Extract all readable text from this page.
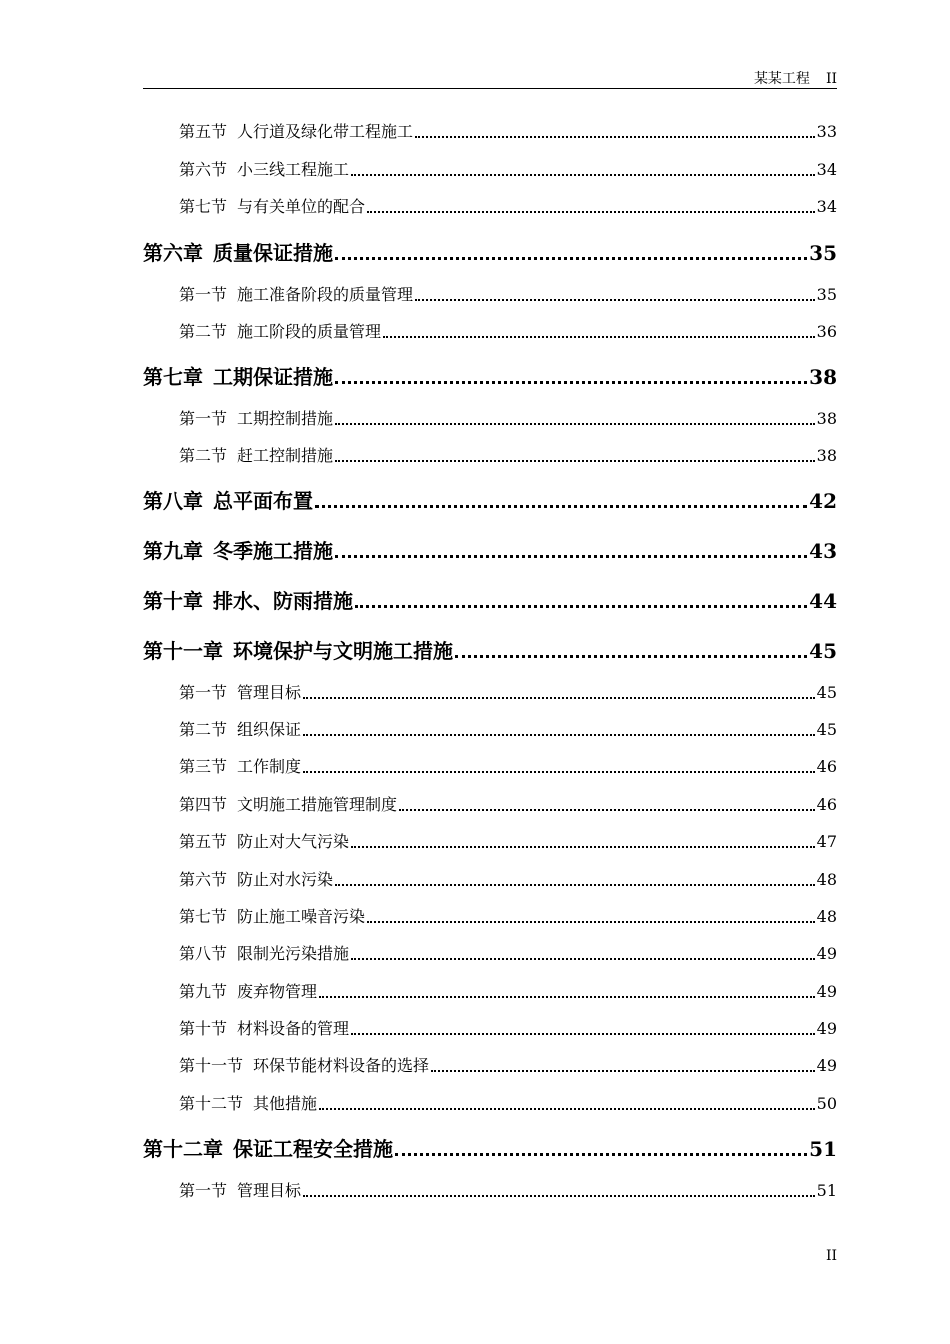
某某工程 II
第五节 人行道及绿化带工程施工	33
第六节 小三线工程施工	34
第七节 与有关单位的配合	34
第六章 质量保证措施	35
第一节 施工准备阶段的质量管理	35
第二节 施工阶段的质量管理	36
第七章 工期保证措施	38
第一节 工期控制措施	38
第二节 赶工控制措施	38
第八章 总平面布置	42
第九章 冬季施工措施	43
第十章 排水、防雨措施	44
第十一章 环境保护与文明施工措施	45
第一节 管理目标	45
第二节 组织保证	45
第三节 工作制度	46
第四节 文明施工措施管理制度	46
第五节 防止对大气污染	47
第六节 防止对水污染	48
第七节 防止施工噪音污染	48
第八节 限制光污染措施	49
第九节 废弃物管理	49
第十节 材料设备的管理	49
第十一节 环保节能材料设备的选择	49
第十二节 其他措施	50
第十二章 保证工程安全措施	51
第一节 管理目标	51
II
